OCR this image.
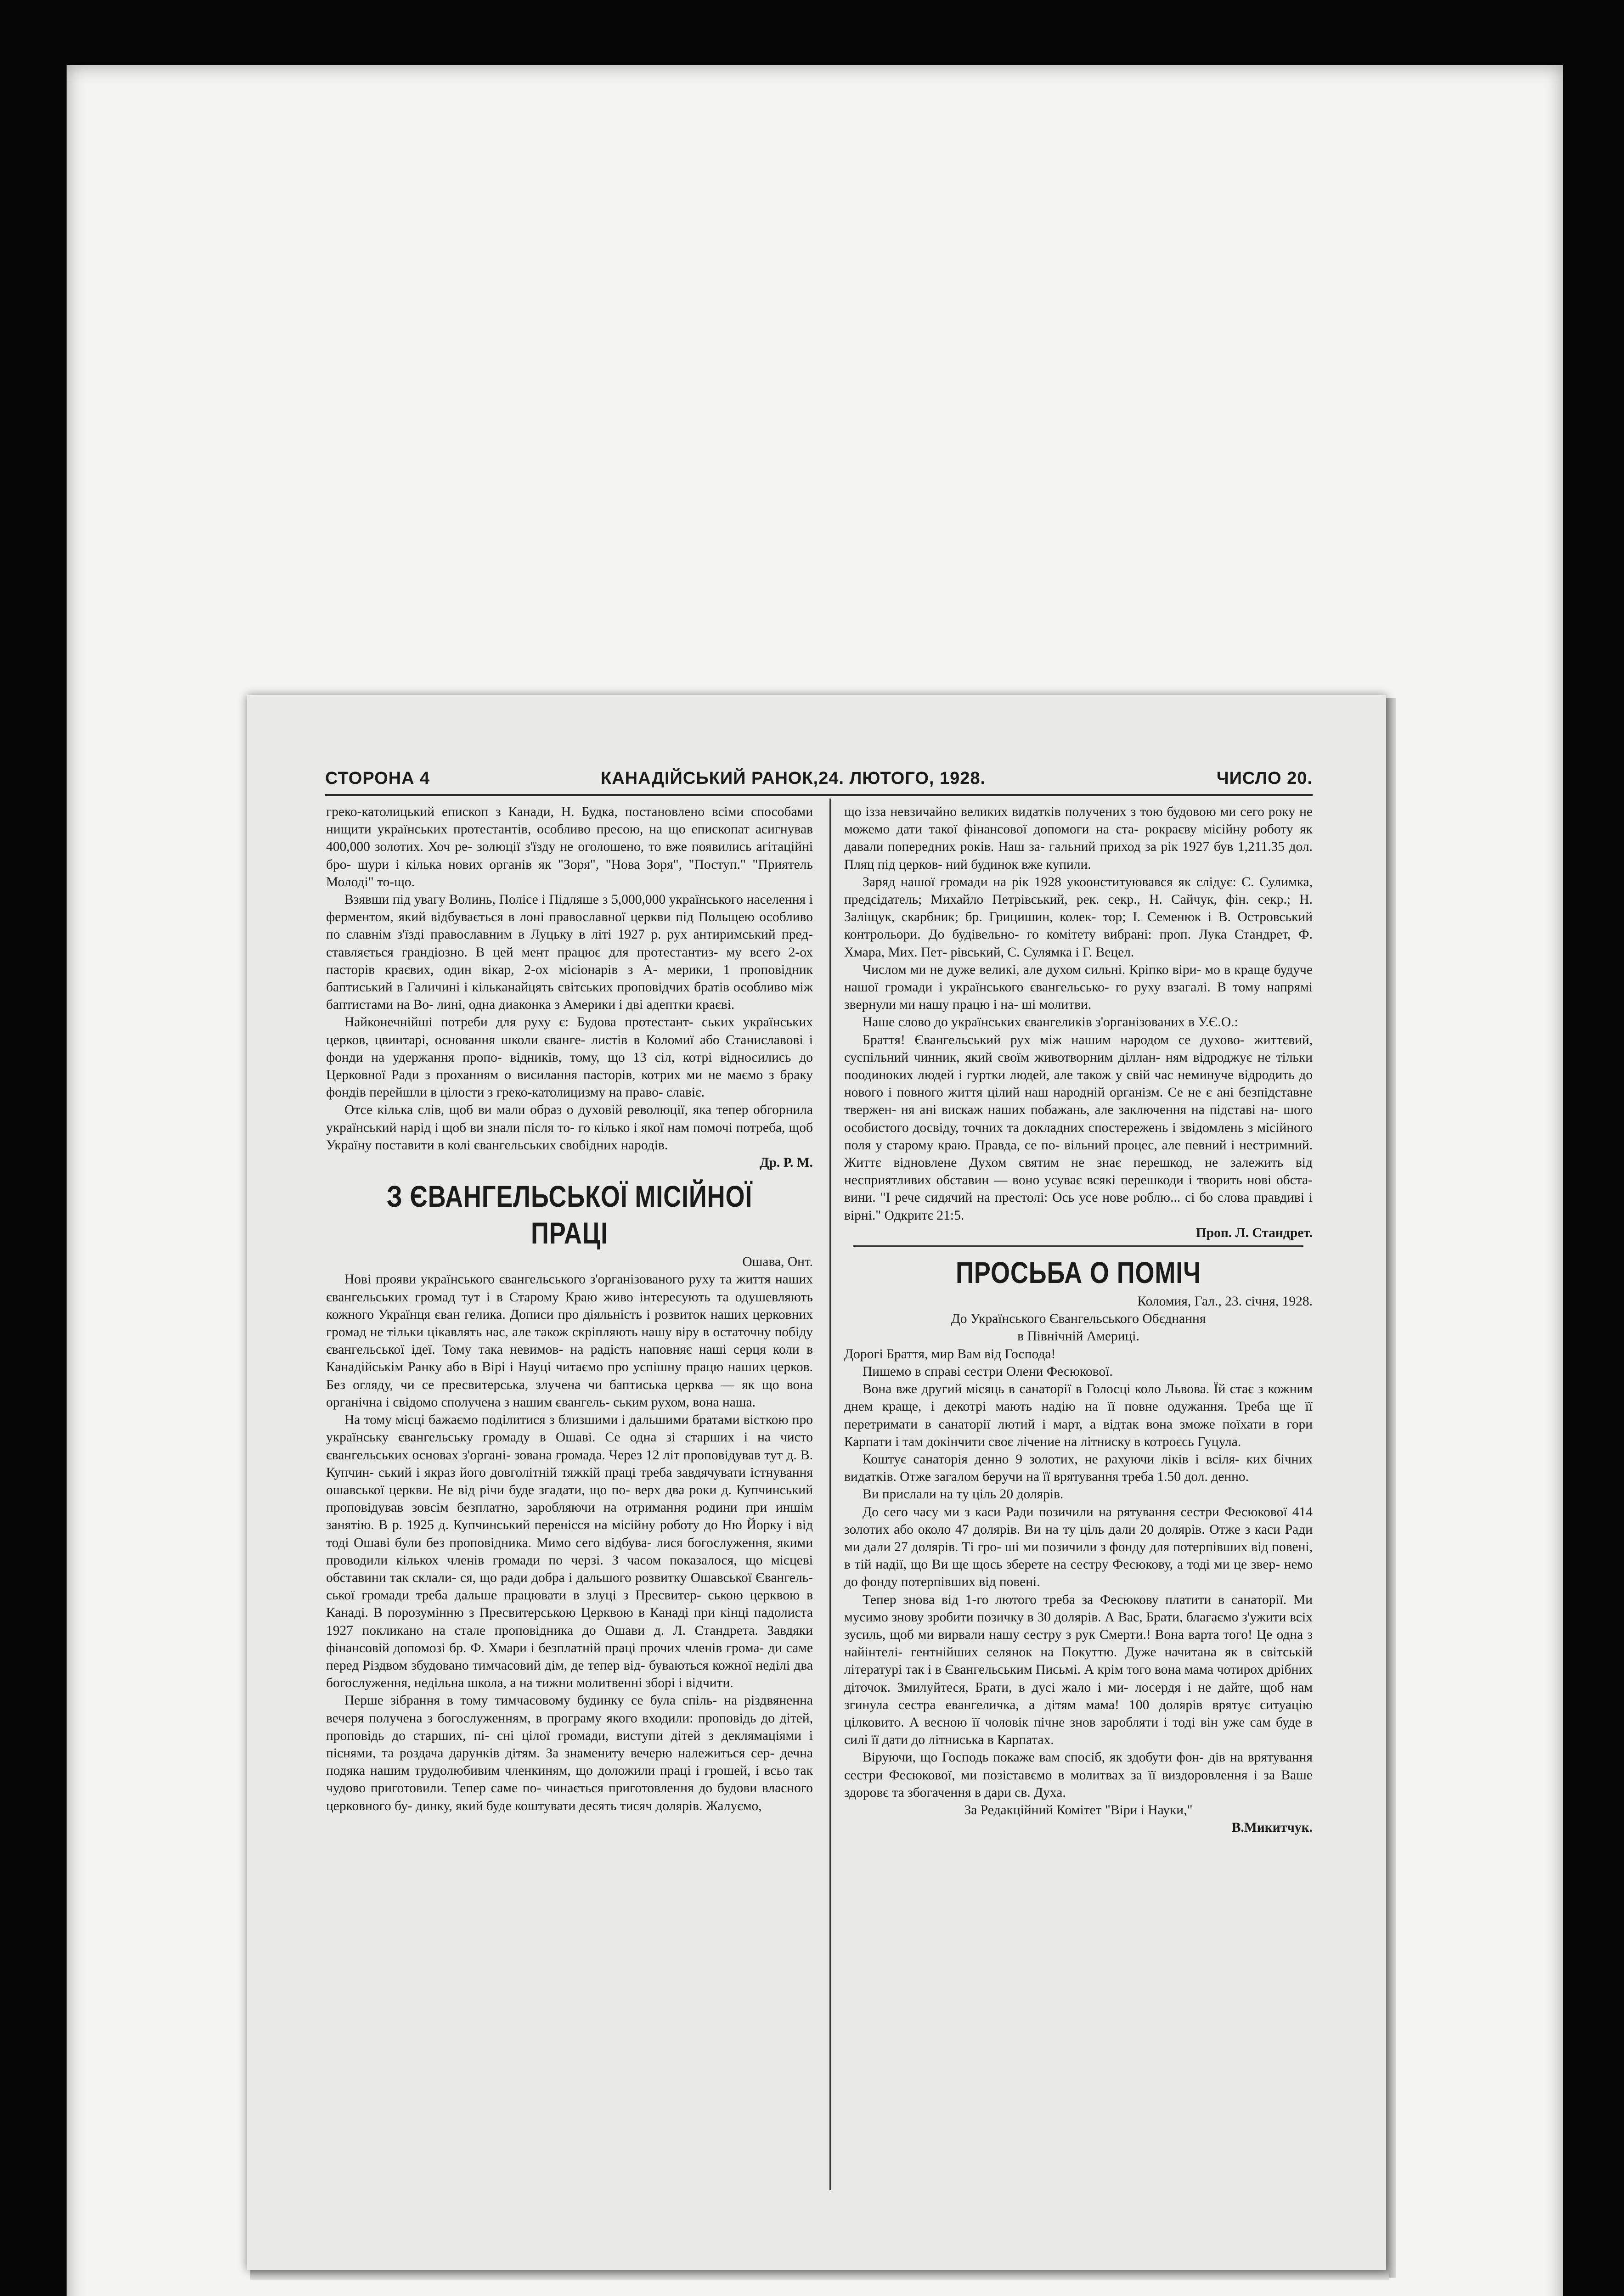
СТОРОНА 4	КАНАДІЙСЬКИЙ РАНОК,24. ЛЮТОГО, 1928.	ЧИСЛО 20.

греко-католицький епископ з Канади, Н. Будка, постановлено всіми способами нищити українських протестантів, особливо пресою, на що епископат асигнував 400,000 золотих. Хоч ре- золюції з'їзду не оголошено, то вже появились агітаційні бро- шури і кілька нових органів як "Зоря", "Нова Зоря", "Поступ." "Приятель Молоді" то-що.

Взявши під увагу Волинь, Полісе і Підляше з 5,000,000 українського населення і ферментом, який відбувається в лоні православної церкви під Польщею особливо по славнім з'їзді православним в Луцьку в літі 1927 р. рух антиримський пред- ставляється грандіозно. В цей мент працює для протестантиз- му всего 2-ох пасторів краєвих, один вікар, 2-ох місіонарів з А- мерики, 1 проповідник баптиський в Галичині і кільканайцять світських проповідчих братів особливо між баптистами на Во- лині, одна диаконка з Америки і дві адептки краєві.

Найконечнійші потреби для руху є: Будова протестант- ських українських церков, цвинтарі, основання школи єванге- листів в Коломиї або Станиславові і фонди на удержання пропо- відників, тому, що 13 сіл, котрі відносились до Церковної Ради з проханням о висилання пасторів, котрих ми не маємо з браку фондів перейшли в цілости з греко-католицизму на право- славіє.

Отсе кілька слів, щоб ви мали образ о духовій революції, яка тепер обгорнила український нарід і щоб ви знали після то- го кілько і якої нам помочі потреба, щоб Україну поставити в колі євангельських свобідних народів.

Др. Р. М.

З ЄВАНГЕЛЬСЬКОЇ МІСІЙНОЇ ПРАЦІ

Ошава, Онт.

Нові прояви українського євангельського з'організованого руху та життя наших євангельських громад тут і в Старому Краю живо інтересують та одушевляють кожного Українця єван гелика. Дописи про діяльність і розвиток наших церковних громад не тільки цікавлять нас, але також скріпляють нашу віру в остаточну побіду євангельської ідеї. Тому така невимов- на радість наповняє наші серця коли в Канадійськім Ранку або в Вірі і Науці читаємо про успішну працю наших церков. Без огляду, чи се пресвитерська, злучена чи баптиська церква — як що вона органічна і свідомо сполучена з нашим євангель- ським рухом, вона наша.

На тому місці бажаємо поділитися з близшими і дальшими братами вісткою про українську євангельську громаду в Ошаві. Се одна зі старших і на чисто євангельських основах з'органі- зована громада. Через 12 літ проповідував тут д. В. Купчин- ський і якраз його довголітній тяжкій праці треба завдячувати істнування ошавської церкви. Не від річи буде згадати, що по- верх два роки д. Купчинський проповідував зовсім безплатно, заробляючи на отримання родини при иншім занятію. В р. 1925 д. Купчинський перенісся на місійну роботу до Ню Йорку і від тоді Ошаві були без проповідника. Мимо сего відбува- лися богослуження, якими проводили кількох членів громади по черзі. З часом показалося, що місцеві обставини так склали- ся, що ради добра і дальшого розвитку Ошавської Євангель- ської громади треба дальше працювати в злуці з Пресвитер- ською церквою в Канаді. В порозумінню з Пресвитерською Церквою в Канаді при кінці падолиста 1927 покликано на стале проповідника до Ошави д. Л. Стандрета. Завдяки фінансовій допомозі бр. Ф. Хмари і безплатній праці прочих членів грома- ди саме перед Різдвом збудовано тимчасовий дім, де тепер від- буваються кожної неділі два богослуження, недільна школа, а на тижни молитвенні зборі і відчити.

Перше зібрання в тому тимчасовому будинку се була спіль- на різдвяненна вечеря получена з богослуженням, в програму якого входили: проповідь до дітей, проповідь до старших, пі- сні цілої громади, виступи дітей з деклямаціями і піснями, та роздача дарунків дітям. За знамениту вечерю належиться сер- дечна подяка нашим трудолюбивим членкиням, що доложили праці і грошей, і всьо так чудово приготовили. Тепер саме по- чинається приготовлення до будови власного церковного бу- динку, який буде коштувати десять тисяч долярів. Жалуємо,

що ізза невзичайно великих видатків получених з тою будовою ми сего року не можемо дати такої фінансової допомоги на ста- рокраєву місійну роботу як давали попередних років. Наш за- гальний приход за рік 1927 був 1,211.35 дол. Пляц під церков- ний будинок вже купили.

Заряд нашої громади на рік 1928 укоонституювався як слідує: С. Сулимка, предсідатель; Михайло Петрівський, рек. секр., Н. Сайчук, фін. секр.; Н. Заліщук, скарбник; бр. Грицишин, колек- тор; І. Семенюк і В. Островський контрольори. До будівельно- го комітету вибрані: проп. Лука Стандрет, Ф. Хмара, Мих. Пет- рівський, С. Сулямка і Г. Вецел.

Числом ми не дуже великі, але духом сильні. Кріпко віри- мо в краще будуче нашої громади і українського євангельсько- го руху взагалі. В тому напрямі звернули ми нашу працю і на- ші молитви.

Наше слово до українських євангеликів з'організованих в У.Є.О.:

Браття! Євангельський рух між нашим народом се духово- життєвий, суспільний чинник, який своїм животворним діллан- ням відроджує не тільки поодиноких людей і гуртки людей, але також у свій час неминуче відродить до нового і повного життя цілий наш народній організм. Се не є ані безпідставне твержен- ня ані вискаж наших побажань, але заключення на підставі на- шого особистого досвіду, точних та докладних спостережень і звідомлень з місійного поля у старому краю. Правда, се по- вільний процес, але певний і нестримний. Життє відновлене Духом святим не знає перешкод, не залежить від несприятливих обставин — воно усуває всякі перешкоди і творить нові обста- вини. "І рече сидячий на престолі: Ось усе нове роблю... сі бо слова правдиві і вірні." Одкритє 21:5.

Проп. Л. Стандрет.

ПРОСЬБА О ПОМІЧ

Коломия, Гал., 23. січня, 1928.

До Українського Євангельського Обєднання

в Північній Америці.

Дорогі Браття, мир Вам від Господа!

Пишемо в справі сестри Олени Фесюкової.

Вона вже другий місяць в санаторії в Голосці коло Львова. Їй стає з кожним днем краще, і декотрі мають надію на її повне одужання. Треба ще її перетримати в санаторії лютий і март, а відтак вона зможе поїхати в гори Карпати і там докінчити своє лічение на літниску в котроєсь Гуцула.

Коштує санаторія денно 9 золотих, не рахуючи ліків і всіля- ких бічних видатків. Отже загалом беручи на її врятування треба 1.50 дол. денно.

Ви прислали на ту ціль 20 долярів.

До сего часу ми з каси Ради позичили на рятування сестри Фесюкової 414 золотих або около 47 долярів. Ви на ту ціль дали 20 долярів. Отже з каси Ради ми дали 27 долярів. Ті гро- ші ми позичили з фонду для потерпівших від повені, в тій надії, що Ви ще щось зберете на сестру Фесюкову, а тоді ми це звер- немо до фонду потерпівших від повені.

Тепер знова від 1-го лютого треба за Фесюкову платити в санаторії. Ми муcимо знову зробити позичку в 30 долярів. А Вас, Брати, благаємо з'ужити всіх зусиль, щоб ми вирвали нашу сестру з рук Смерти.! Вона варта того! Це одна з найінтелі- гентнійших селянок на Покуттю. Дуже начитана як в світській літературі так і в Євангельським Письмі. А крім того вона мама чотирох дрібних діточок. Змилуйтеся, Брати, в дусі жало і ми- лосердя і не дайте, щоб нам згинула сестра евангеличка, а дітям мама! 100 долярів врятує ситуацію цілковито. А весною її чоловік пічне знов заробляти і тоді він уже сам буде в силі її дати до літниська в Карпатах.

Віруючи, що Господь покаже вам спосіб, як здобути фон- дів на врятування сестри Фесюкової, ми позіставємо в молитвах за її виздоровлення і за Ваше здоровє та збогачення в дари св. Духа.

За Редакційний Комітет "Віри і Науки,"

В.Микитчук.
